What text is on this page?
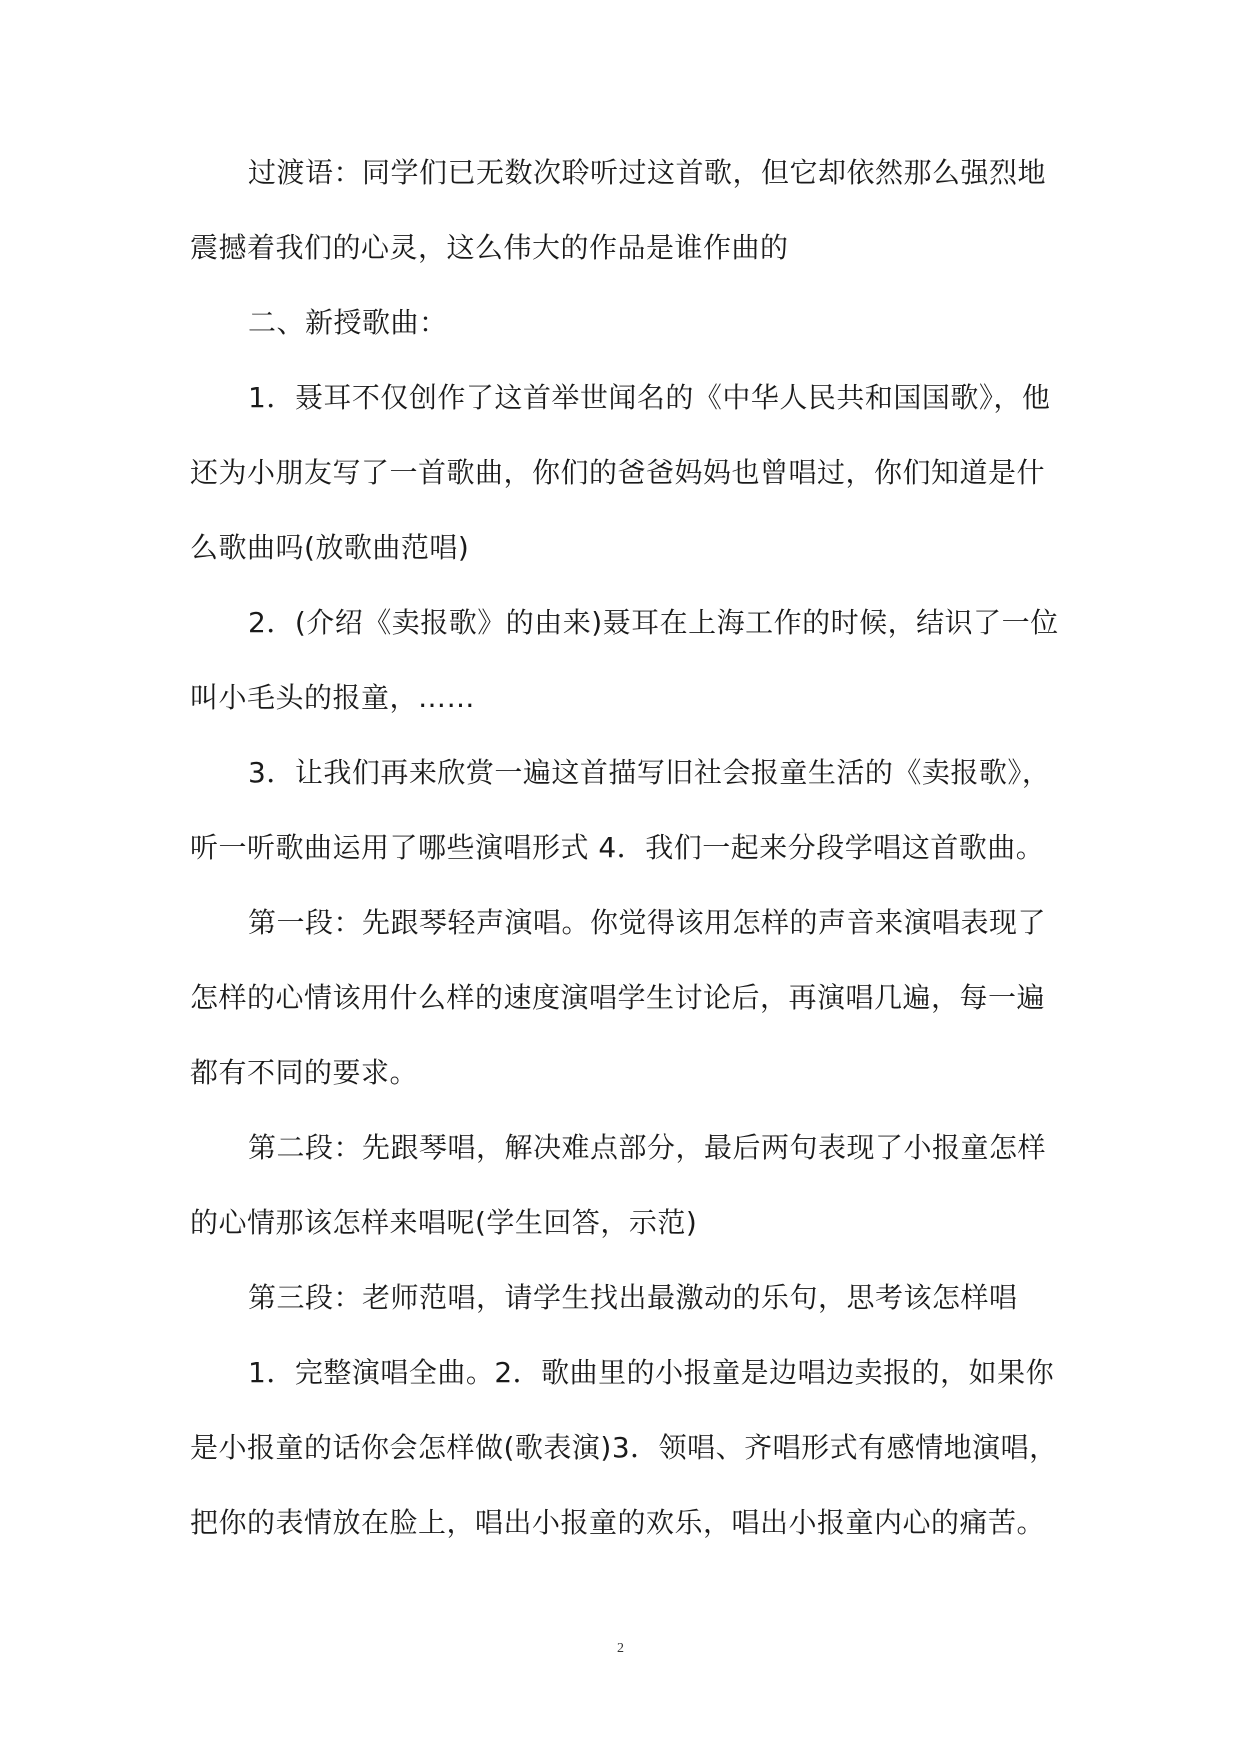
过渡语：同学们已无数次聆听过这首歌，但它却依然那么强烈地
震撼着我们的心灵，这么伟大的作品是谁作曲的
二、新授歌曲：
1．聂耳不仅创作了这首举世闻名的《中华人民共和国国歌》，他
还为小朋友写了一首歌曲，你们的爸爸妈妈也曾唱过，你们知道是什
么歌曲吗(放歌曲范唱)
2．(介绍《卖报歌》的由来)聂耳在上海工作的时候，结识了一位
叫小毛头的报童，……
3．让我们再来欣赏一遍这首描写旧社会报童生活的《卖报歌》，
听一听歌曲运用了哪些演唱形式 4．我们一起来分段学唱这首歌曲。
第一段：先跟琴轻声演唱。你觉得该用怎样的声音来演唱表现了
怎样的心情该用什么样的速度演唱学生讨论后，再演唱几遍，每一遍
都有不同的要求。
第二段：先跟琴唱，解决难点部分，最后两句表现了小报童怎样
的心情那该怎样来唱呢(学生回答，示范)
第三段：老师范唱，请学生找出最激动的乐句，思考该怎样唱
1．完整演唱全曲。2．歌曲里的小报童是边唱边卖报的，如果你
是小报童的话你会怎样做(歌表演)3．领唱、齐唱形式有感情地演唱，
把你的表情放在脸上，唱出小报童的欢乐，唱出小报童内心的痛苦。
2
